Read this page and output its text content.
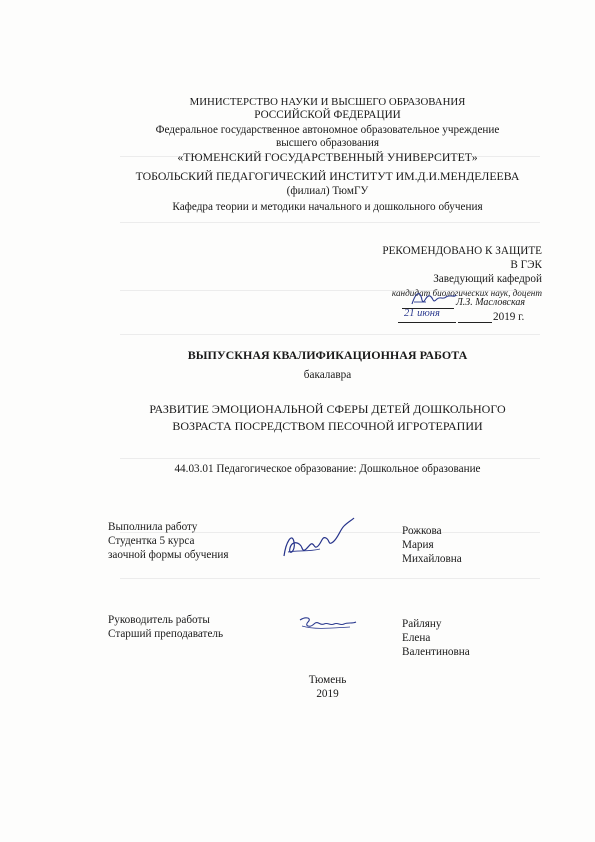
МИНИСТЕРСТВО НАУКИ И ВЫСШЕГО ОБРАЗОВАНИЯ
РОССИЙСКОЙ ФЕДЕРАЦИИ
Федеральное государственное автономное образовательное учреждение
высшего образования
«ТЮМЕНСКИЙ ГОСУДАРСТВЕННЫЙ УНИВЕРСИТЕТ»
ТОБОЛЬСКИЙ ПЕДАГОГИЧЕСКИЙ ИНСТИТУТ ИМ.Д.И.МЕНДЕЛЕЕВА
(филиал) ТюмГУ
Кафедра теории и методики начального и дошкольного обучения
РЕКОМЕНДОВАНО К ЗАЩИТЕ
В ГЭК
Заведующий кафедрой
кандидат биологических наук, доцент
Л.З. Масловская
21 июня	2019 г.
ВЫПУСКНАЯ КВАЛИФИКАЦИОННАЯ РАБОТА
бакалавра
РАЗВИТИЕ ЭМОЦИОНАЛЬНОЙ СФЕРЫ ДЕТЕЙ ДОШКОЛЬНОГО
ВОЗРАСТА ПОСРЕДСТВОМ ПЕСОЧНОЙ ИГРОТЕРАПИИ
44.03.01 Педагогическое образование: Дошкольное образование
Выполнила работу
Студентка 5 курса
заочной формы обучения
Рожкова
Мария
Михайловна
Руководитель работы
Старший преподаватель
Райляну
Елена
Валентиновна
Тюмень
2019
